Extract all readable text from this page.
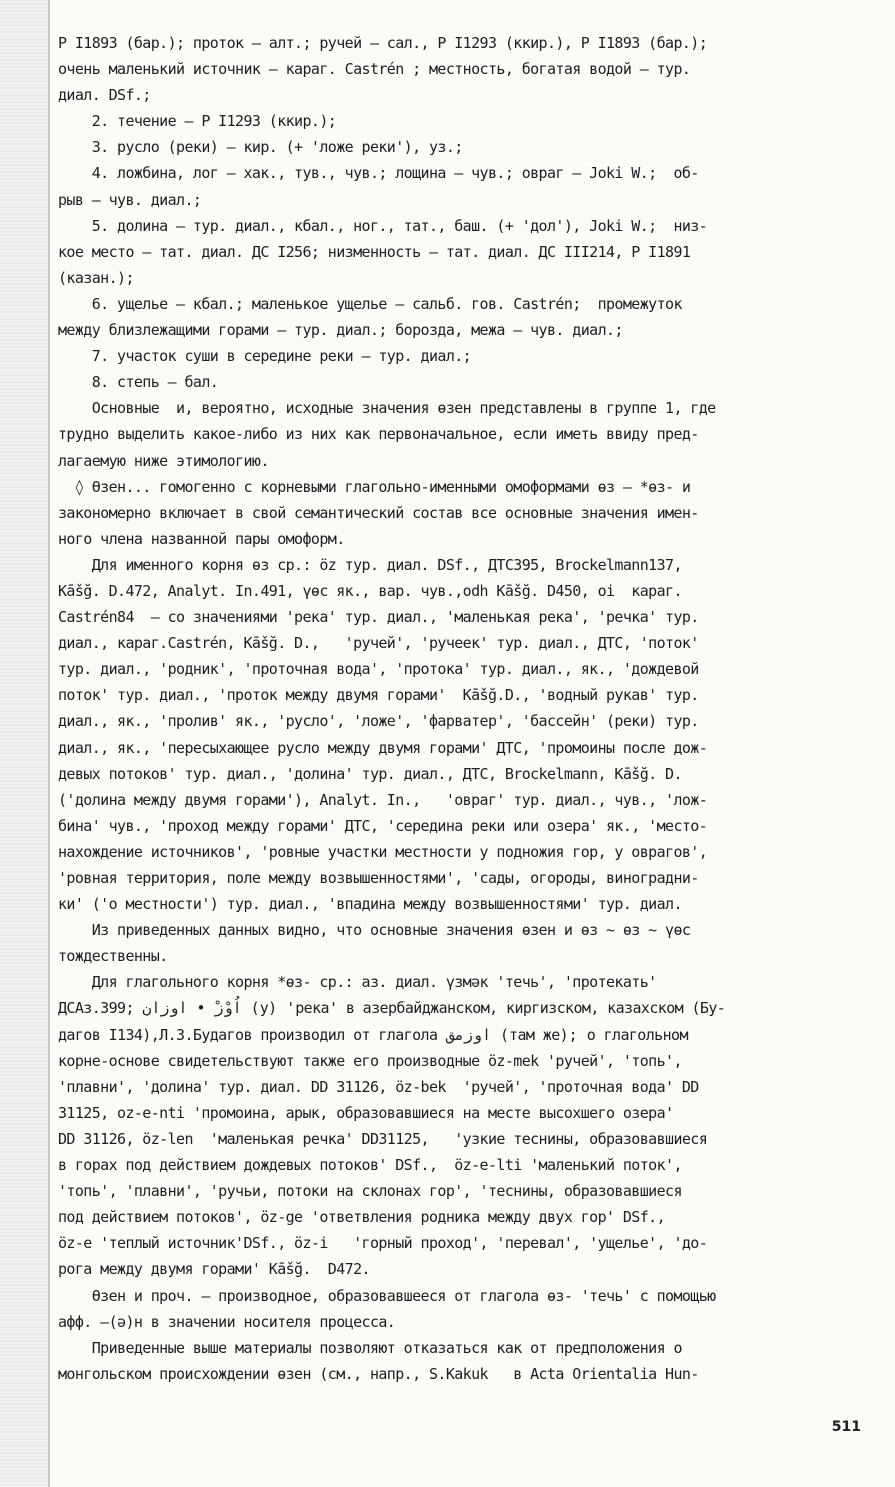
P I1893 (бар.); проток – алт.; ручей – сал., P I1293 (ккир.), P I1893 (бар.);
очень маленький источник – караг. Castrén ; местность, богатая водой – тур.
диал. DSf.;
2. течение – P I1293 (ккир.);
3. русло (реки) – кир. (+ 'ложе реки'), уз.;
4. ложбина, лог – хак., тув., чув.; лощина – чув.; овраг – Joki W.;  об-
рыв – чув. диал.;
5. долина – тур. диал., кбал., ног., тат., баш. (+ 'дол'), Joki W.;  низ-
кое место – тат. диал. ДС I256; низменность – тат. диал. ДС III214, P I1891
(казан.);
6. ущелье – кбал.; маленькое ущелье – сальб. гов. Castrén;  промежуток
между близлежащими горами – тур. диал.; борозда, межа – чув. диал.;
7. участок суши в середине реки – тур. диал.;
8. степь – бал.
Основные  и, вероятно, исходные значения өзен представлены в группе 1, где
трудно выделить какое-либо из них как первоначальное, если иметь ввиду пред-
лагаемую ниже этимологию.
◊ Өзен... гомогенно с корневыми глагольно-именными омоформами өз – *өз- и
закономерно включает в свой семантический состав все основные значения имен-
ного члена названной пары омоформ.
Для именного корня өз ср.: öz тур. диал. DSf., ДТС395, Brockelmann137,
Kāšğ. D.472, Analyt. In.491, үөс як., вар. чув.,odh Kāšğ. D450, oi  караг.
Castrén84  – со значениями 'река' тур. диал., 'маленькая река', 'речка' тур.
диал., караг.Castrén, Kāšğ. D.,   'ручей', 'ручеек' тур. диал., ДТС, 'поток'
тур. диал., 'родник', 'проточная вода', 'протока' тур. диал., як., 'дождевой
поток' тур. диал., 'проток между двумя горами'  Kāšğ.D., 'водный рукав' тур.
диал., як., 'пролив' як., 'русло', 'ложе', 'фарватер', 'бассейн' (реки) тур.
диал., як., 'пересыхающее русло между двумя горами' ДТС, 'промоины после дож-
девых потоков' тур. диал., 'долина' тур. диал., ДТС, Brockelmann, Kāšğ. D.
('долина между двумя горами'), Analyt. In.,   'овраг' тур. диал., чув., 'лож-
бина' чув., 'проход между горами' ДТС, 'середина реки или озера' як., 'место-
нахождение источников', 'ровные участки местности у подножия гор, у оврагов',
'ровная территория, поле между возвышенностями', 'сады, огороды, виноградни-
ки' ('о местности') тур. диал., 'впадина между возвышенностями' тур. диал.
Из приведенных данных видно, что основные значения өзен и өз ~ өз ~ үөс
тождественны.
Для глагольного корня *өз- ср.: аз. диал. үзмәк 'течь', 'протекать'
ДСАз.399; اُوْزْ • اوزان (у) 'река' в азербайджанском, киргизском, казахском (Бу-
дагов I134),Л.З.Будагов производил от глагола اوزمق (там же); о глагольном
корне-основе свидетельствуют также его производные öz-mek 'ручей', 'топь',
'плавни', 'долина' тур. диал. DD З1126, öz-bek  'ручей', 'проточная вода' DD
З1125, oz-e-nti 'промоина, арык, образовавшиеся на месте высохшего озера'
DD З1126, öz-len  'маленькая речка' DDЗ1125,   'узкие теснины, образовавшиеся
в горах под действием дождевых потоков' DSf.,  öz-e-lti 'маленький поток',
'топь', 'плавни', 'ручьи, потоки на склонах гор', 'теснины, образовавшиеся
под действием потоков', öz-ge 'ответвления родника между двух гор' DSf.,
öz-e 'теплый источник'DSf., öz-i   'горный проход', 'перевал', 'ущелье', 'до-
рога между двумя горами' Kāšğ.  D472.
Өзен и проч. – производное, образовавшееся от глагола өз- 'течь' с помощью
афф. –(ə)н в значении носителя процесса.
Приведенные выше материалы позволяют отказаться как от предположения о
монгольском происхождении өзен (см., напр., S.Kakuk   в Acta Orientalia Hun-
511
